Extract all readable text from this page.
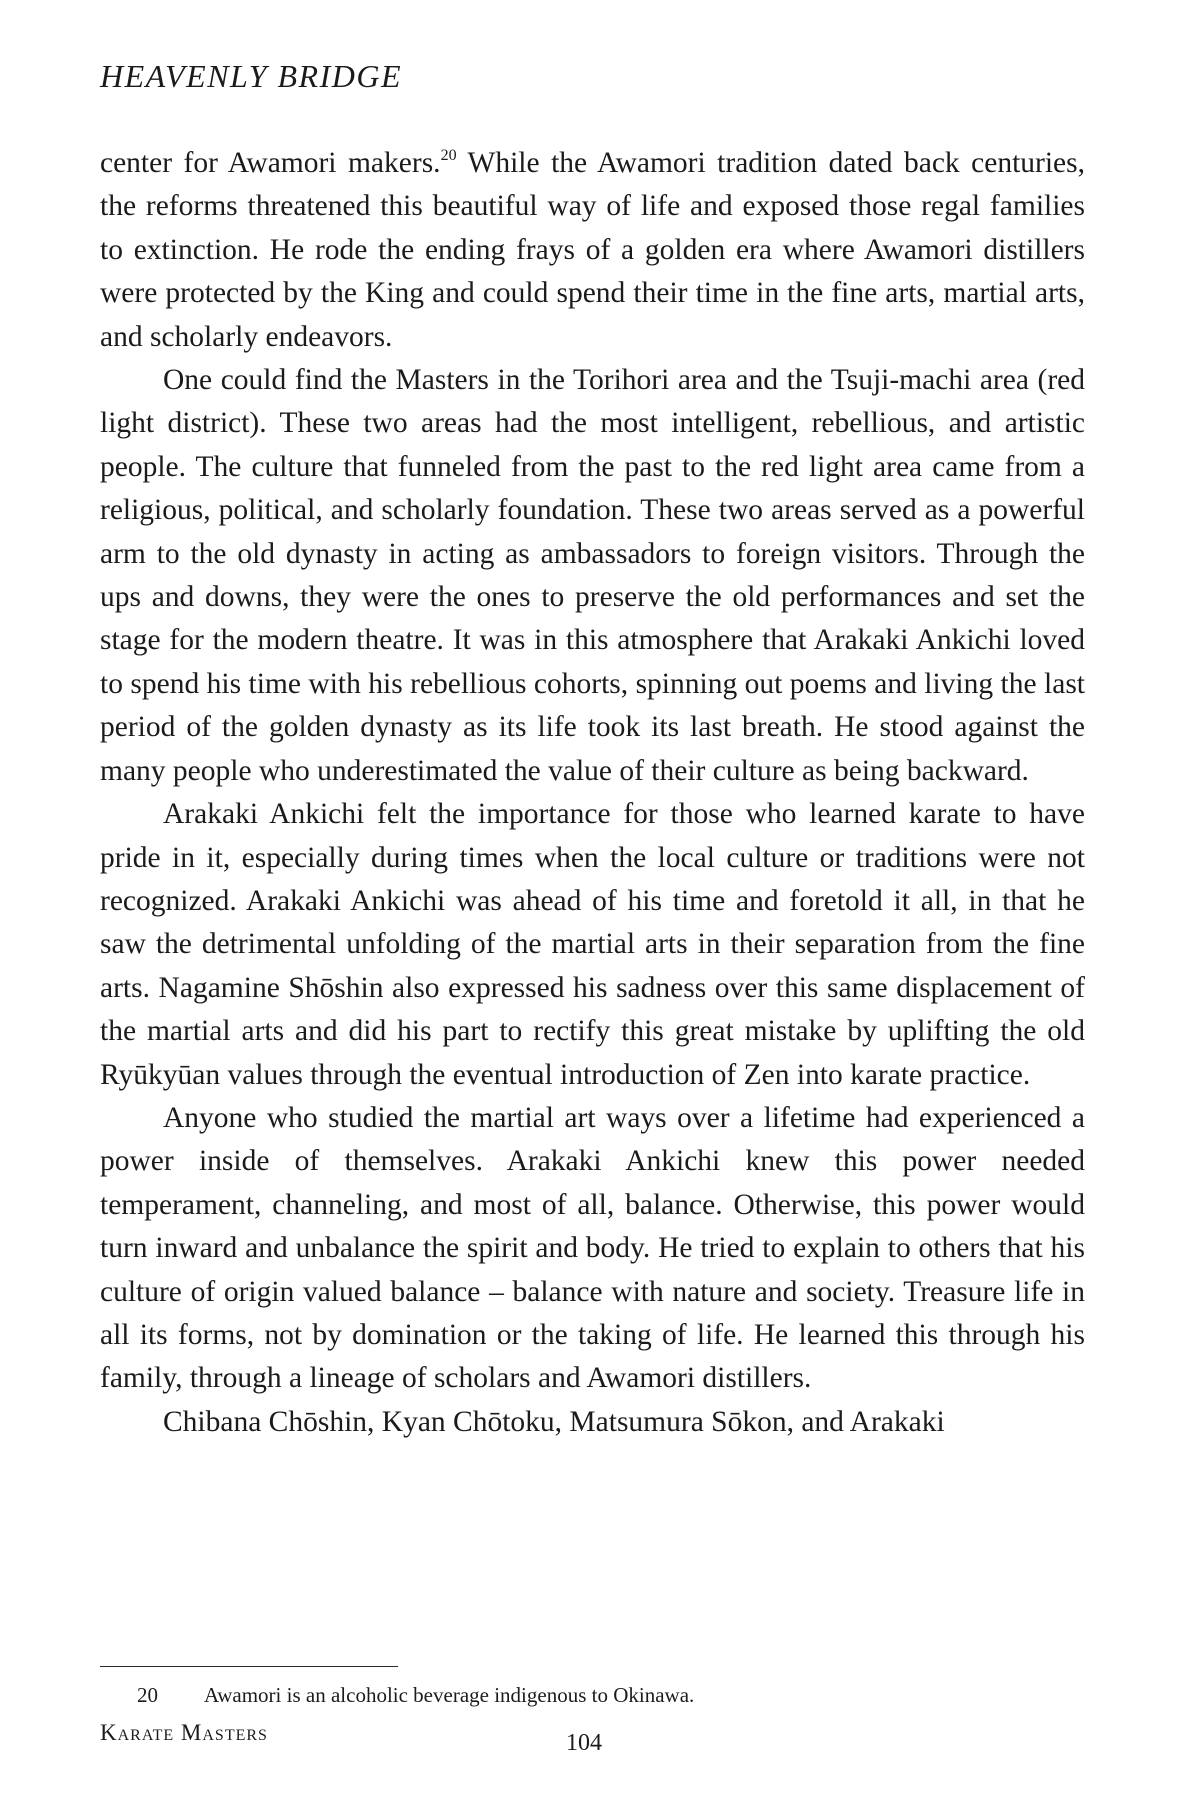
HEAVENLY BRIDGE

center for Awamori makers.$^{20}$ While the Awamori tradition dated back centuries, the reforms threatened this beautiful way of life and exposed those regal families to extinction. He rode the ending frays of a golden era where Awamori distillers were protected by the King and could spend their time in the fine arts, martial arts, and scholarly endeavors.

One could find the Masters in the Torihori area and the Tsuji-machi area (red light district). These two areas had the most intelligent, rebellious, and artistic people. The culture that funneled from the past to the red light area came from a religious, political, and scholarly foundation. These two areas served as a powerful arm to the old dynasty in acting as ambassadors to foreign visitors. Through the ups and downs, they were the ones to preserve the old performances and set the stage for the modern theatre. It was in this atmosphere that Arakaki Ankichi loved to spend his time with his rebellious cohorts, spinning out poems and living the last period of the golden dynasty as its life took its last breath. He stood against the many people who underestimated the value of their culture as being backward.

Arakaki Ankichi felt the importance for those who learned karate to have pride in it, especially during times when the local culture or traditions were not recognized. Arakaki Ankichi was ahead of his time and foretold it all, in that he saw the detrimental unfolding of the martial arts in their separation from the fine arts. Nagamine Shōshin also expressed his sadness over this same displacement of the martial arts and did his part to rectify this great mistake by uplifting the old Ryūkyūan values through the eventual introduction of Zen into karate practice.

Anyone who studied the martial art ways over a lifetime had experienced a power inside of themselves. Arakaki Ankichi knew this power needed temperament, channeling, and most of all, balance. Otherwise, this power would turn inward and unbalance the spirit and body. He tried to explain to others that his culture of origin valued balance – balance with nature and society. Treasure life in all its forms, not by domination or the taking of life. He learned this through his family, through a lineage of scholars and Awamori distillers.

Chibana Chōshin, Kyan Chōtoku, Matsumura Sōkon, and Arakaki

20 Awamori is an alcoholic beverage indigenous to Okinawa.
Karate Masters	104
